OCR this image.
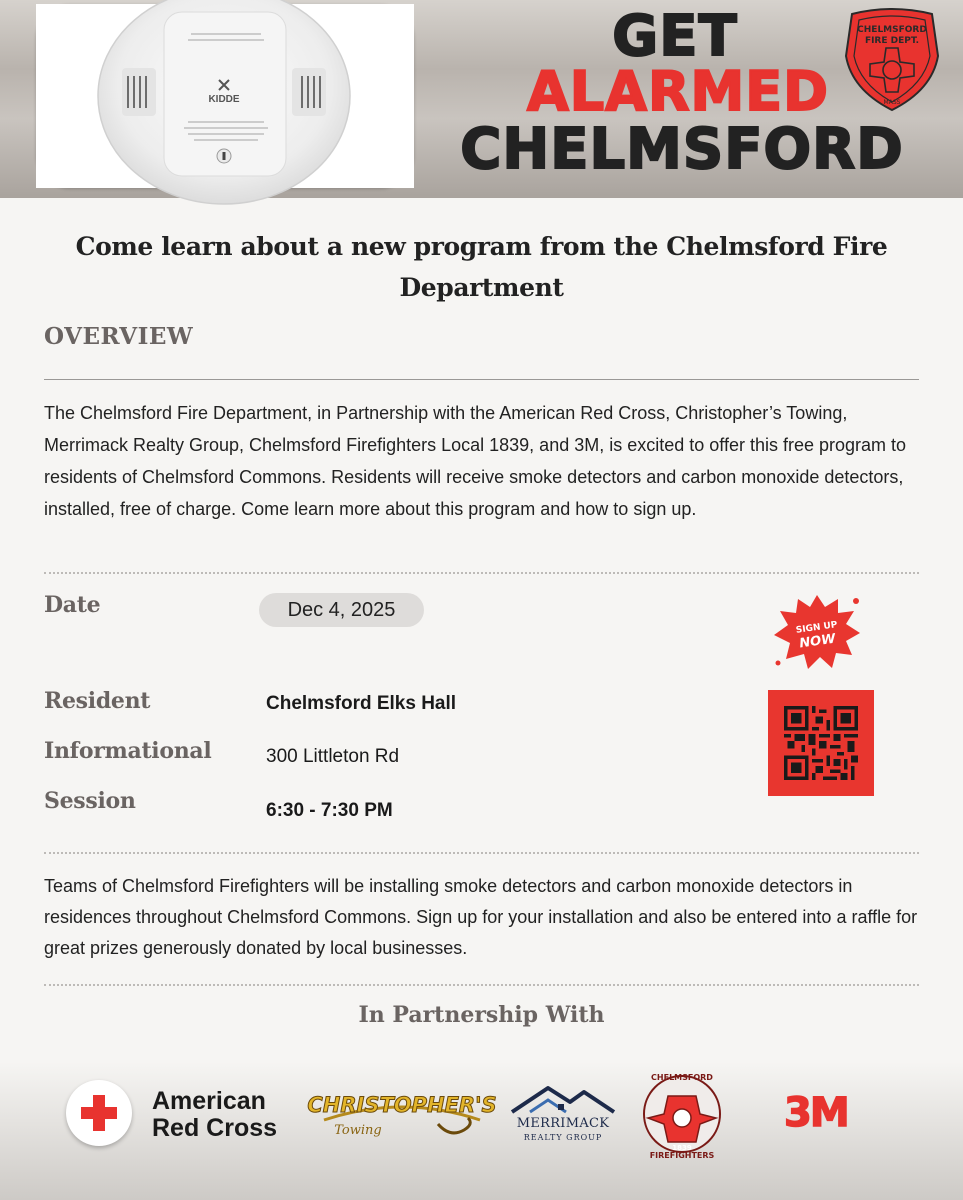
KIDDE
GET
ALARMED
CHELMSFORD
CHELMSFORD
FIRE DEPT.
MASS
Come learn about a new program from the Chelmsford Fire Department
OVERVIEW
The Chelmsford Fire Department, in Partnership with the American Red Cross, Christopher’s Towing, Merrimack Realty Group, Chelmsford Firefighters Local 1839, and 3M, is excited to offer this free program to residents of Chelmsford Commons. Residents will receive smoke detectors and carbon monoxide detectors, installed, free of charge. Come learn more about this program and how to sign up.
Date	Dec 4, 2025
Resident
Informational
Session
Chelmsford Elks Hall
300 Littleton Rd
6:30 - 7:30 PM
SIGN UP
NOW
Teams of Chelmsford Firefighters will be installing smoke detectors and carbon monoxide detectors in residences throughout Chelmsford Commons. Sign up for your installation and also be entered into a raffle for great prizes generously donated by local businesses.
In Partnership With
American
Red Cross
CHRISTOPHER'S
Towing	MERRIMACK
REALTY GROUP
CHELMSFORD
FIREFIGHTERS
1839
3M
